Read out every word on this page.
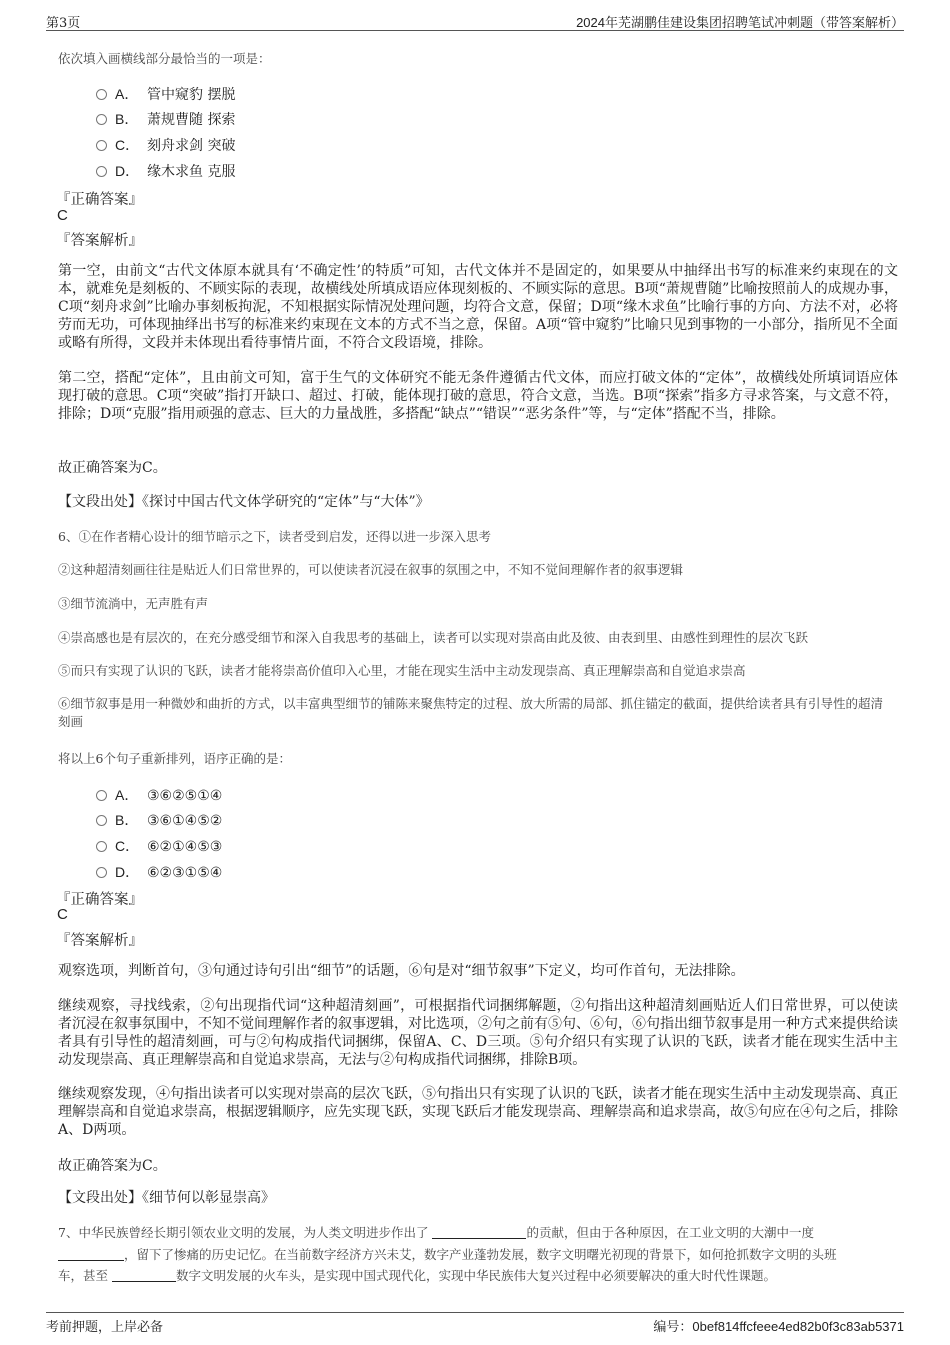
第3页	2024年芜湖鹏佳建设集团招聘笔试冲刺题（带答案解析）
依次填入画横线部分最恰当的一项是：
A． 管中窥豹 摆脱
B． 萧规曹随 探索
C． 刻舟求剑 突破
D． 缘木求鱼 克服
『正确答案』
C
『答案解析』
第一空，由前文“古代文体原本就具有‘不确定性’的特质”可知，古代文体并不是固定的，如果要从中抽绎出书写的标准来约束现在的文本，就难免是刻板的、不顾实际的表现，故横线处所填成语应体现刻板的、不顾实际的意思。B项“萧规曹随”比喻按照前人的成规办事，C项“刻舟求剑”比喻办事刻板拘泥，不知根据实际情况处理问题，均符合文意，保留；D项“缘木求鱼”比喻行事的方向、方法不对，必将劳而无功，可体现抽绎出书写的标准来约束现在文本的方式不当之意，保留。A项“管中窥豹”比喻只见到事物的一小部分，指所见不全面或略有所得，文段并未体现出看待事情片面，不符合文段语境，排除。
第二空，搭配“定体”，且由前文可知，富于生气的文体研究不能无条件遵循古代文体，而应打破文体的“定体”，故横线处所填词语应体现打破的意思。C项“突破”指打开缺口、超过、打破，能体现打破的意思，符合文意，当选。B项“探索”指多方寻求答案，与文意不符，排除；D项“克服”指用顽强的意志、巨大的力量战胜，多搭配“缺点”“错误”“恶劣条件”等，与“定体”搭配不当，排除。
故正确答案为C。
【文段出处】《探讨中国古代文体学研究的“定体”与“大体”》
6、①在作者精心设计的细节暗示之下，读者受到启发，还得以进一步深入思考
②这种超清刻画往往是贴近人们日常世界的，可以使读者沉浸在叙事的氛围之中，不知不觉间理解作者的叙事逻辑
③细节流淌中，无声胜有声
④崇高感也是有层次的，在充分感受细节和深入自我思考的基础上，读者可以实现对崇高由此及彼、由表到里、由感性到理性的层次飞跃
⑤而只有实现了认识的飞跃，读者才能将崇高价值印入心里，才能在现实生活中主动发现崇高、真正理解崇高和自觉追求崇高
⑥细节叙事是用一种微妙和曲折的方式，以丰富典型细节的铺陈来聚焦特定的过程、放大所需的局部、抓住锚定的截面，提供给读者具有引导性的超清刻画
将以上6个句子重新排列，语序正确的是：
A． ③⑥②⑤①④
B． ③⑥①④⑤②
C． ⑥②①④⑤③
D． ⑥②③①⑤④
『正确答案』
C
『答案解析』
观察选项，判断首句，③句通过诗句引出“细节”的话题，⑥句是对“细节叙事”下定义，均可作首句，无法排除。
继续观察，寻找线索，②句出现指代词“这种超清刻画”，可根据指代词捆绑解题，②句指出这种超清刻画贴近人们日常世界，可以使读者沉浸在叙事氛围中，不知不觉间理解作者的叙事逻辑，对比选项，②句之前有⑤句、⑥句，⑥句指出细节叙事是用一种方式来提供给读者具有引导性的超清刻画，可与②句构成指代词捆绑，保留A、C、D三项。⑤句介绍只有实现了认识的飞跃，读者才能在现实生活中主动发现崇高、真正理解崇高和自觉追求崇高，无法与②句构成指代词捆绑，排除B项。
继续观察发现，④句指出读者可以实现对崇高的层次飞跃，⑤句指出只有实现了认识的飞跃，读者才能在现实生活中主动发现崇高、真正理解崇高和自觉追求崇高，根据逻辑顺序，应先实现飞跃，实现飞跃后才能发现崇高、理解崇高和追求崇高，故⑤句应在④句之后，排除A、D两项。
故正确答案为C。
【文段出处】《细节何以彰显崇高》
7、中华民族曾经长期引领农业文明的发展，为人类文明进步作出了	的贡献，但由于各种原因，在工业文明的大潮中一度
，留下了惨痛的历史记忆。在当前数字经济方兴未艾，数字产业蓬勃发展，数字文明曙光初现的背景下，如何抢抓数字文明的头班
车，甚至	数字文明发展的火车头，是实现中国式现代化，实现中华民族伟大复兴过程中必须要解决的重大时代性课题。
考前押题，上岸必备	编号：0bef814ffcfeee4ed82b0f3c83ab5371
